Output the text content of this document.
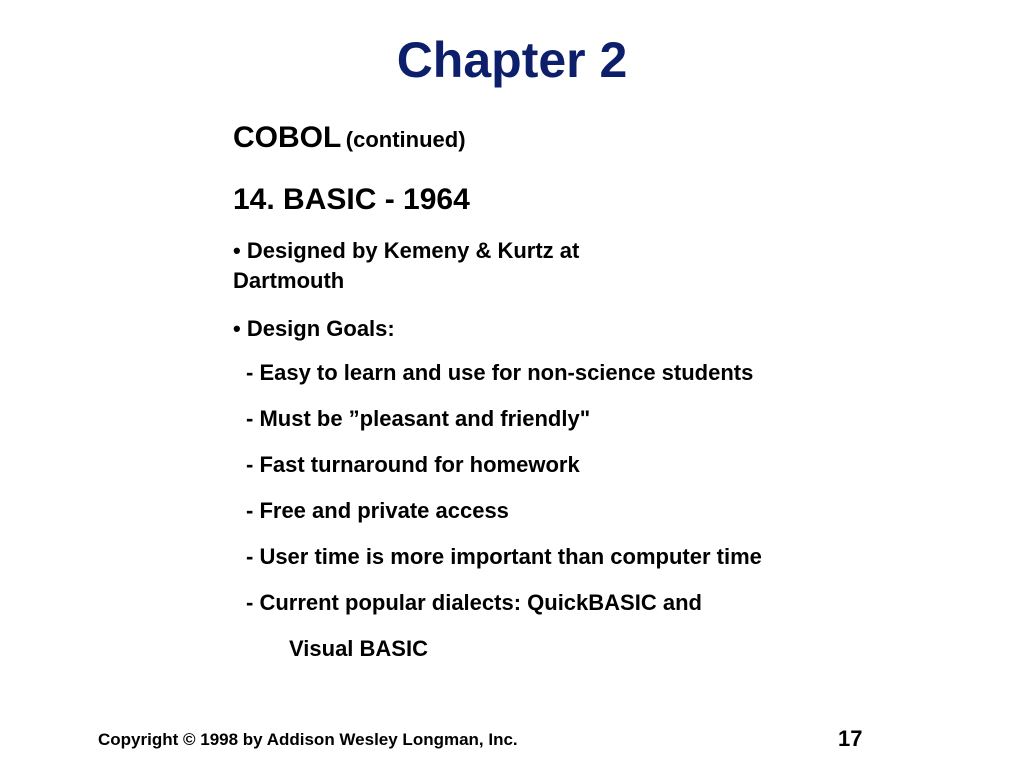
Chapter 2
COBOL (continued)
14. BASIC - 1964
• Designed by Kemeny & Kurtz at Dartmouth
• Design Goals:
- Easy to learn and use for non-science students
- Must be ”pleasant and friendly"
- Fast turnaround for homework
- Free and private access
- User time is more important than computer time
- Current popular dialects: QuickBASIC and
Visual BASIC
Copyright © 1998 by Addison Wesley Longman, Inc.	17
